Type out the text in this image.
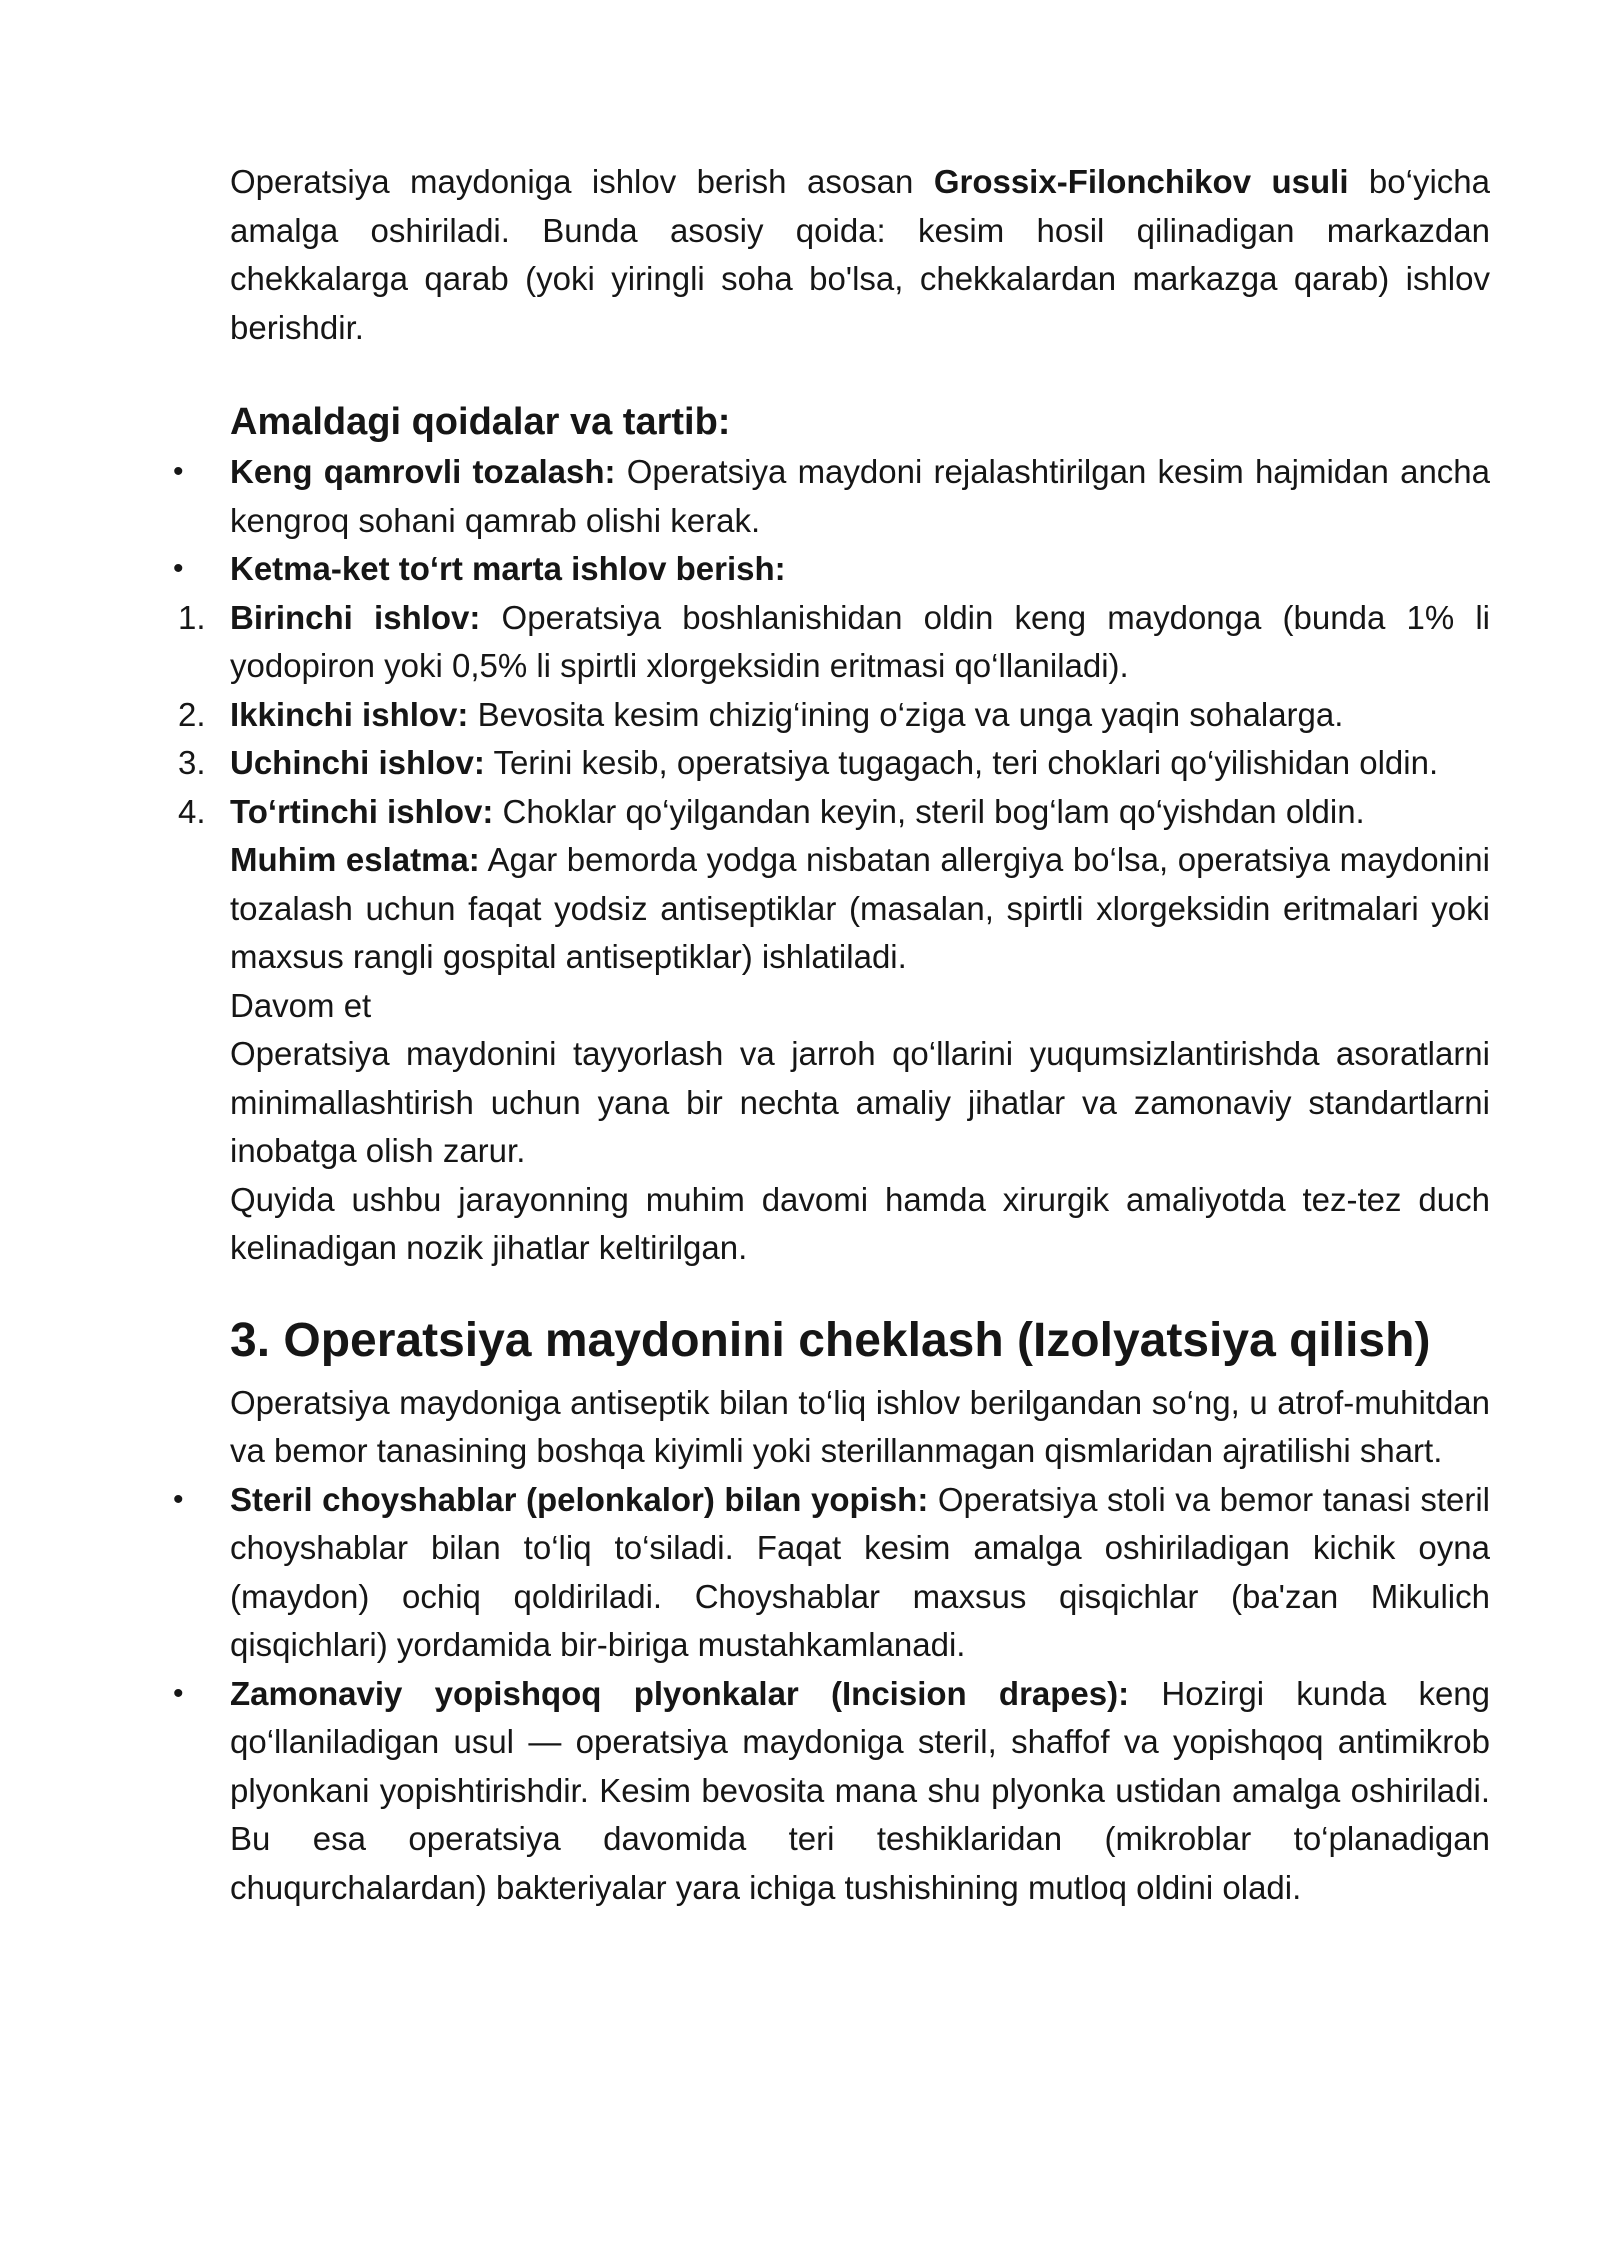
Operatsiya maydoniga ishlov berish asosan Grossix-Filonchikov usuli bo‘yicha amalga oshiriladi. Bunda asosiy qoida: kesim hosil qilinadigan markazdan chekkalarga qarab (yoki yiringli soha bo'lsa, chekkalardan markazga qarab) ishlov berishdir.

Amaldagi qoidalar va tartib:
• Keng qamrovli tozalash: Operatsiya maydoni rejalashtirilgan kesim hajmidan ancha kengroq sohani qamrab olishi kerak.
• Ketma-ket to‘rt marta ishlov berish:
1. Birinchi ishlov: Operatsiya boshlanishidan oldin keng maydonga (bunda 1% li yodopiron yoki 0,5% li spirtli xlorgeksidin eritmasi qo‘llaniladi).
2. Ikkinchi ishlov: Bevosita kesim chizig‘ining o‘ziga va unga yaqin sohalarga.
3. Uchinchi ishlov: Terini kesib, operatsiya tugagach, teri choklari qo‘yilishidan oldin.
4. To‘rtinchi ishlov: Choklar qo‘yilgandan keyin, steril bog‘lam qo‘yishdan oldin.

Muhim eslatma: Agar bemorda yodga nisbatan allergiya bo‘lsa, operatsiya maydonini tozalash uchun faqat yodsiz antiseptiklar (masalan, spirtli xlorgeksidin eritmalari yoki maxsus rangli gospital antiseptiklar) ishlatiladi.

Davom et

Operatsiya maydonini tayyorlash va jarroh qo‘llarini yuqumsizlantirishda asoratlarni minimallashtirish uchun yana bir nechta amaliy jihatlar va zamonaviy standartlarni inobatga olish zarur.

Quyida ushbu jarayonning muhim davomi hamda xirurgik amaliyotda tez-tez duch kelinadigan nozik jihatlar keltirilgan.

3. Operatsiya maydonini cheklash (Izolyatsiya qilish)

Operatsiya maydoniga antiseptik bilan to‘liq ishlov berilgandan so‘ng, u atrof-muhitdan va bemor tanasining boshqa kiyimli yoki sterillanmagan qismlaridan ajratilishi shart.

• Steril choyshablar (pelonkalor) bilan yopish: Operatsiya stoli va bemor tanasi steril choyshablar bilan to‘liq to‘siladi. Faqat kesim amalga oshiriladigan kichik oyna (maydon) ochiq qoldiriladi. Choyshablar maxsus qisqichlar (ba'zan Mikulich qisqichlari) yordamida bir-biriga mustahkamlanadi.
• Zamonaviy yopishqoq plyonkalar (Incision drapes): Hozirgi kunda keng qo‘llaniladigan usul — operatsiya maydoniga steril, shaffof va yopishqoq antimikrob plyonkani yopishtirishdir. Kesim bevosita mana shu plyonka ustidan amalga oshiriladi. Bu esa operatsiya davomida teri teshiklaridan (mikroblar to‘planadigan chuqurchalardan) bakteriyalar yara ichiga tushishining mutloq oldini oladi.
